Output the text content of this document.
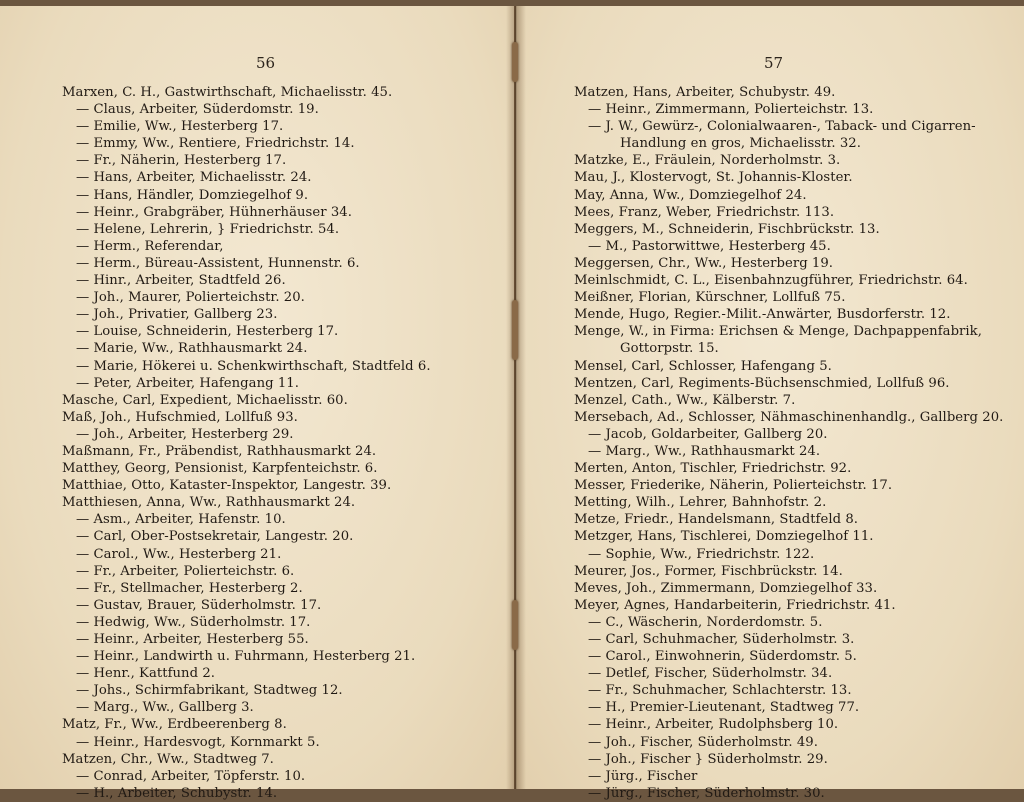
56
Marxen, C. H., Gastwirthschaft, Michaelisstr. 45.
— Claus, Arbeiter, Süderdomstr. 19.
— Emilie, Ww., Hesterberg 17.
— Emmy, Ww., Rentiere, Friedrichstr. 14.
— Fr., Näherin, Hesterberg 17.
— Hans, Arbeiter, Michaelisstr. 24.
— Hans, Händler, Domziegelhof 9.
— Heinr., Grabgräber, Hühnerhäuser 34.
— Helene, Lehrerin, } Friedrichstr. 54.
— Herm., Referendar,
— Herm., Büreau-Assistent, Hunnenstr. 6.
— Hinr., Arbeiter, Stadtfeld 26.
— Joh., Maurer, Polierteichstr. 20.
— Joh., Privatier, Gallberg 23.
— Louise, Schneiderin, Hesterberg 17.
— Marie, Ww., Rathhausmarkt 24.
— Marie, Hökerei u. Schenkwirthschaft, Stadtfeld 6.
— Peter, Arbeiter, Hafengang 11.
Masche, Carl, Expedient, Michaelisstr. 60.
Maß, Joh., Hufschmied, Lollfuß 93.
— Joh., Arbeiter, Hesterberg 29.
Maßmann, Fr., Präbendist, Rathhausmarkt 24.
Matthey, Georg, Pensionist, Karpfenteichstr. 6.
Matthiae, Otto, Kataster-Inspektor, Langestr. 39.
Matthiesen, Anna, Ww., Rathhausmarkt 24.
— Asm., Arbeiter, Hafenstr. 10.
— Carl, Ober-Postsekretair, Langestr. 20.
— Carol., Ww., Hesterberg 21.
— Fr., Arbeiter, Polierteichstr. 6.
— Fr., Stellmacher, Hesterberg 2.
— Gustav, Brauer, Süderholmstr. 17.
— Hedwig, Ww., Süderholmstr. 17.
— Heinr., Arbeiter, Hesterberg 55.
— Heinr., Landwirth u. Fuhrmann, Hesterberg 21.
— Henr., Kattfund 2.
— Johs., Schirmfabrikant, Stadtweg 12.
— Marg., Ww., Gallberg 3.
Matz, Fr., Ww., Erdbeerenberg 8.
— Heinr., Hardesvogt, Kornmarkt 5.
Matzen, Chr., Ww., Stadtweg 7.
— Conrad, Arbeiter, Töpferstr. 10.
— H., Arbeiter, Schubystr. 14.
57
Matzen, Hans, Arbeiter, Schubystr. 49.
— Heinr., Zimmermann, Polierteichstr. 13.
— J. W., Gewürz-, Colonialwaaren-, Taback- und Cigarren-
Handlung en gros, Michaelisstr. 32.
Matzke, E., Fräulein, Norderholmstr. 3.
Mau, J., Klostervogt, St. Johannis-Kloster.
May, Anna, Ww., Domziegelhof 24.
Mees, Franz, Weber, Friedrichstr. 113.
Meggers, M., Schneiderin, Fischbrückstr. 13.
— M., Pastorwittwe, Hesterberg 45.
Meggersen, Chr., Ww., Hesterberg 19.
Meinlschmidt, C. L., Eisenbahnzugführer, Friedrichstr. 64.
Meißner, Florian, Kürschner, Lollfuß 75.
Mende, Hugo, Regier.-Milit.-Anwärter, Busdorferstr. 12.
Menge, W., in Firma: Erichsen & Menge, Dachpappenfabrik,
Gottorpstr. 15.
Mensel, Carl, Schlosser, Hafengang 5.
Mentzen, Carl, Regiments-Büchsenschmied, Lollfuß 96.
Menzel, Cath., Ww., Kälberstr. 7.
Mersebach, Ad., Schlosser, Nähmaschinenhandlg., Gallberg 20.
— Jacob, Goldarbeiter, Gallberg 20.
— Marg., Ww., Rathhausmarkt 24.
Merten, Anton, Tischler, Friedrichstr. 92.
Messer, Friederike, Näherin, Polierteichstr. 17.
Metting, Wilh., Lehrer, Bahnhofstr. 2.
Metze, Friedr., Handelsmann, Stadtfeld 8.
Metzger, Hans, Tischlerei, Domziegelhof 11.
— Sophie, Ww., Friedrichstr. 122.
Meurer, Jos., Former, Fischbrückstr. 14.
Meves, Joh., Zimmermann, Domziegelhof 33.
Meyer, Agnes, Handarbeiterin, Friedrichstr. 41.
— C., Wäscherin, Norderdomstr. 5.
— Carl, Schuhmacher, Süderholmstr. 3.
— Carol., Einwohnerin, Süderdomstr. 5.
— Detlef, Fischer, Süderholmstr. 34.
— Fr., Schuhmacher, Schlachterstr. 13.
— H., Premier-Lieutenant, Stadtweg 77.
— Heinr., Arbeiter, Rudolphsberg 10.
— Joh., Fischer, Süderholmstr. 49.
— Joh., Fischer } Süderholmstr. 29.
— Jürg., Fischer
— Jürg., Fischer, Süderholmstr. 30.
